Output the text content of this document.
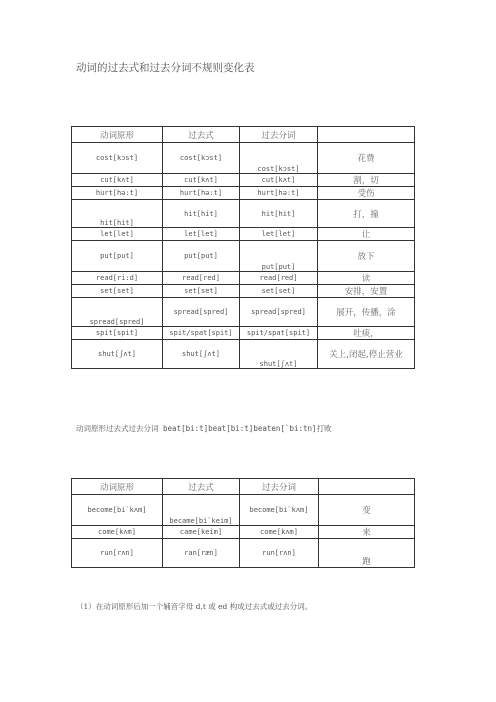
动词的过去式和过去分词不规则变化表
动词原形	过去式	过去分词	
cost[kɔst]	cost[kɔst]	cost[kɔst]	花费
cut[kʌt]	cut[kʌt]	cut[kʌt]	割，切
hurt[hə:t]	hurt[hə:t]	hurt[hə:t]	受伤
hit[hit]	hit[hit]	hit[hit]	打，撞
let[let]	let[let]	let[let]	让
put[put]	put[put]	put[put]	放下
read[ri:d]	read[red]	read[red]	读
set[set]	set[set]	set[set]	安排，安置
spread[spred]	spread[spred]	spread[spred]	展开，传播，涂
spit[spit]	spit/spat[spit]	spit/spat[spit]	吐痰，
shut[ʃʌt]	shut[ʃʌt]	shut[ʃʌt]	关上,闭起,停止营业
动词原形过去式过去分词 beat[bi:t]beat[bi:t]beaten[`bi:tn]打败
动词原形	过去式	过去分词	
become[bi`kʌm]	became[bi`keim]	become[bi`kʌm]	变
come[kʌm]	came[keim]	come[kʌm]	来
run[rʌn]	ran[ræn]	run[rʌn]	跑
（1）在动词原形后加一个辅音字母 d,t 或 ed 构成过去式或过去分词。
